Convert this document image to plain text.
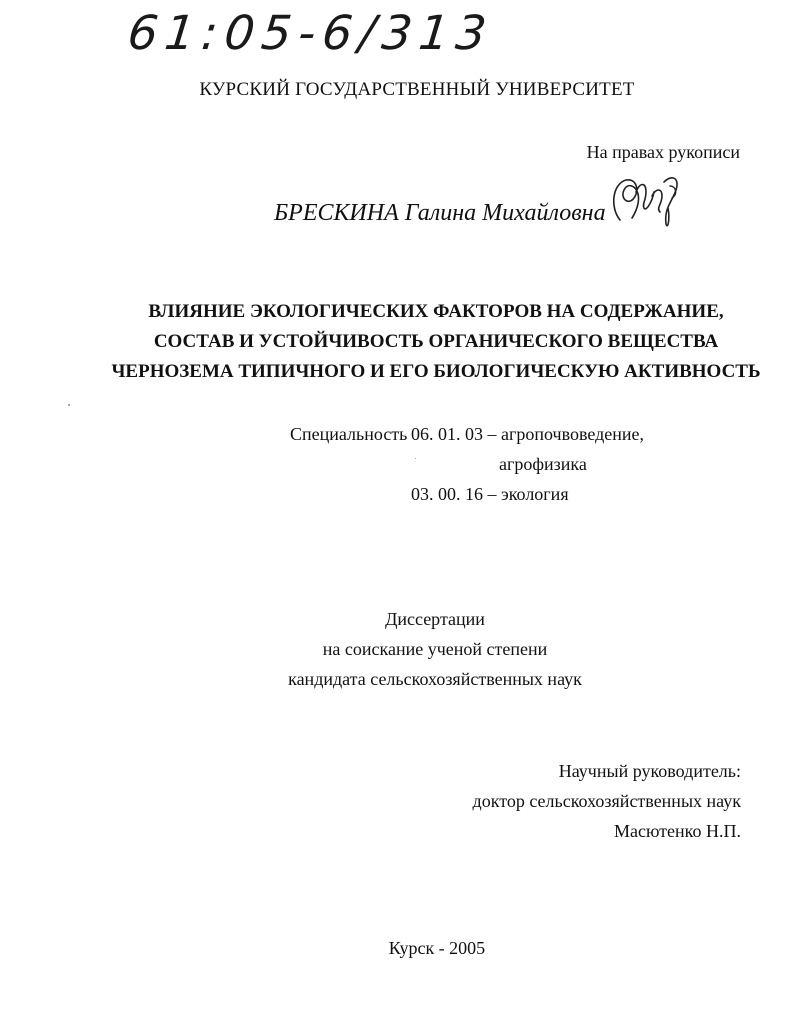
61:05-6/313
КУРСКИЙ ГОСУДАРСТВЕННЫЙ УНИВЕРСИТЕТ
На правах рукописи
БРЕСКИНА Галина Михайловна
ВЛИЯНИЕ ЭКОЛОГИЧЕСКИХ ФАКТОРОВ НА СОДЕРЖАНИЕ,
СОСТАВ И УСТОЙЧИВОСТЬ ОРГАНИЧЕСКОГО ВЕЩЕСТВА
ЧЕРНОЗЕМА ТИПИЧНОГО И ЕГО БИОЛОГИЧЕСКУЮ АКТИВНОСТЬ
Специальность 06. 01. 03 – агропочвоведение,
агрофизика
03. 00. 16 – экология
Диссертации
на соискание ученой степени
кандидата сельскохозяйственных наук
Научный руководитель:
доктор сельскохозяйственных наук
Масютенко Н.П.
Курск - 2005
